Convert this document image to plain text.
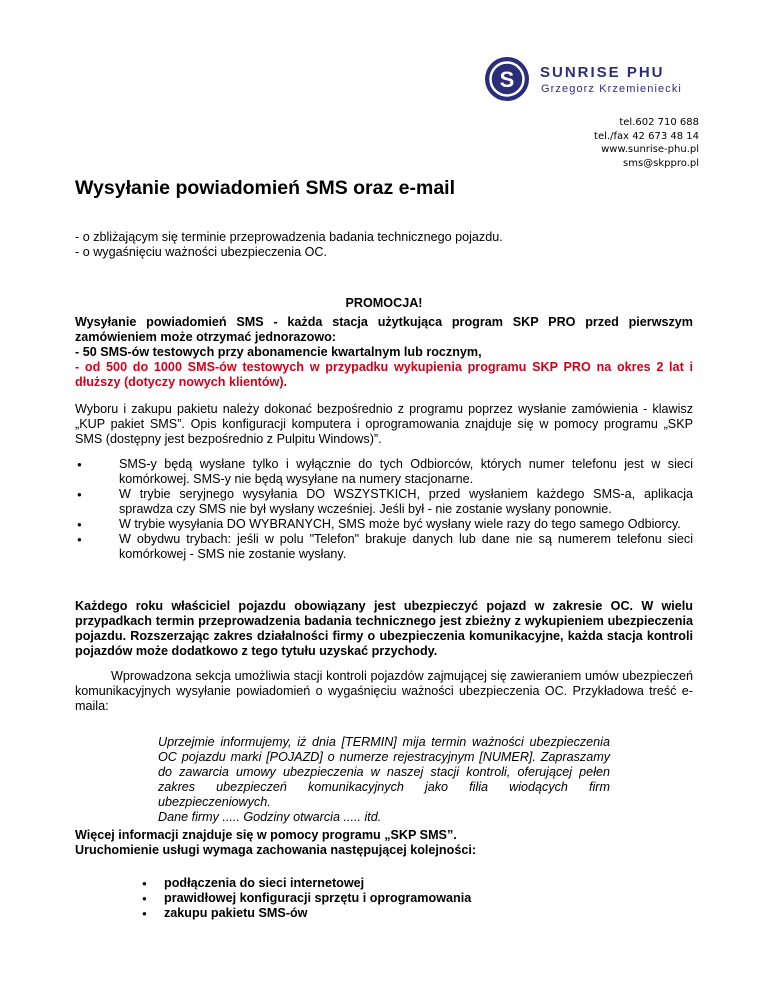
S SUNRISE PHU
Grzegorz Krzemieniecki
tel.602 710 688
tel./fax 42 673 48 14
www.sunrise-phu.pl
sms@skppro.pl
Wysyłanie powiadomień SMS oraz e-mail
- o zbliżającym się terminie przeprowadzenia badania technicznego pojazdu.
- o wygaśnięciu ważności ubezpieczenia OC.
PROMOCJA!
Wysyłanie powiadomień SMS - każda stacja użytkująca program SKP PRO przed pierwszym zamówieniem może otrzymać jednorazowo:
- 50 SMS-ów testowych przy abonamencie kwartalnym lub rocznym,
- od 500 do 1000 SMS-ów testowych w przypadku wykupienia programu SKP PRO na okres 2 lat i dłuższy (dotyczy nowych klientów).
Wyboru i zakupu pakietu należy dokonać bezpośrednio z programu poprzez wysłanie zamówienia - klawisz „KUP pakiet SMS”. Opis konfiguracji komputera i oprogramowania znajduje się w pomocy programu „SKP SMS (dostępny jest bezpośrednio z Pulpitu Windows)”.
● SMS-y będą wysłane tylko i wyłącznie do tych Odbiorców, których numer telefonu jest w sieci komórkowej. SMS-y nie będą wysyłane na numery stacjonarne.
● W trybie seryjnego wysyłania DO WSZYSTKICH, przed wysłaniem każdego SMS-a, aplikacja sprawdza czy SMS nie był wysłany wcześniej. Jeśli był - nie zostanie wysłany ponownie.
● W trybie wysyłania DO WYBRANYCH, SMS może być wysłany wiele razy do tego samego Odbiorcy.
● W obydwu trybach: jeśli w polu "Telefon" brakuje danych lub dane nie są numerem telefonu sieci komórkowej - SMS nie zostanie wysłany.
Każdego roku właściciel pojazdu obowiązany jest ubezpieczyć pojazd w zakresie OC. W wielu przypadkach termin przeprowadzenia badania technicznego jest zbieżny z wykupieniem ubezpieczenia pojazdu. Rozszerzając zakres działalności firmy o ubezpieczenia komunikacyjne, każda stacja kontroli pojazdów może dodatkowo z tego tytułu uzyskać przychody.
Wprowadzona sekcja umożliwia stacji kontroli pojazdów zajmującej się zawieraniem umów ubezpieczeń komunikacyjnych wysyłanie powiadomień o wygaśnięciu ważności ubezpieczenia OC. Przykładowa treść e-maila:
Uprzejmie informujemy, iż dnia [TERMIN] mija termin ważności ubezpieczenia OC pojazdu marki [POJAZD] o numerze rejestracyjnym [NUMER]. Zapraszamy do zawarcia umowy ubezpieczenia w naszej stacji kontroli, oferującej pełen zakres ubezpieczeń komunikacyjnych jako filia wiodących firm ubezpieczeniowych.
Dane firmy ..... Godziny otwarcia ..... itd.
Więcej informacji znajduje się w pomocy programu „SKP SMS”.
Uruchomienie usługi wymaga zachowania następującej kolejności:
● podłączenia do sieci internetowej
● prawidłowej konfiguracji sprzętu i oprogramowania
● zakupu pakietu SMS-ów
